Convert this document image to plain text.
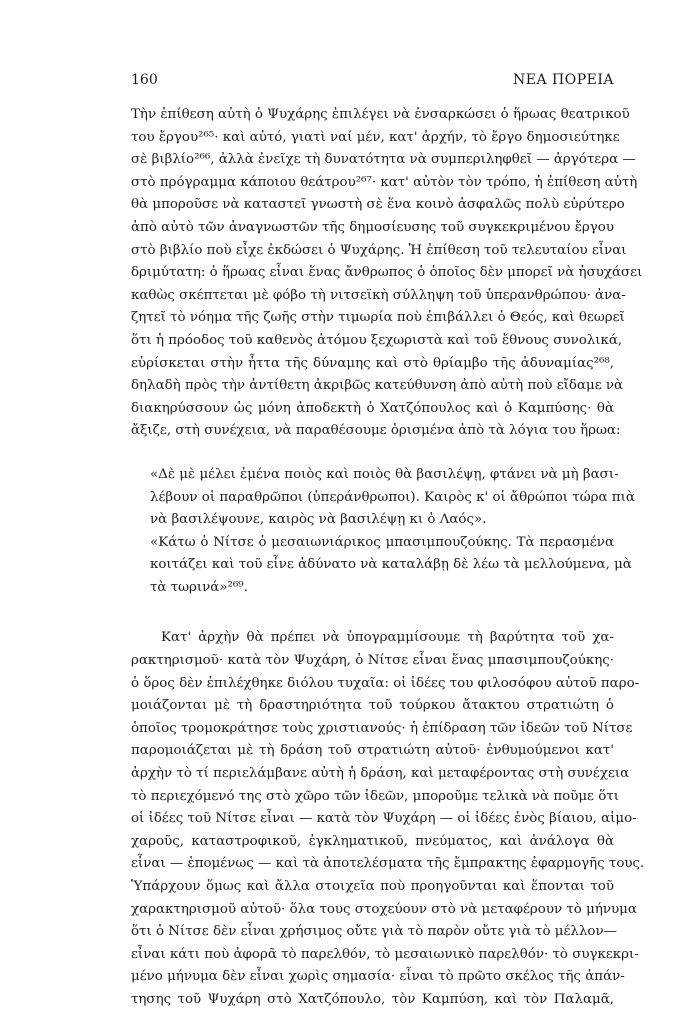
160	ΝΕΑ ΠΟΡΕΙΑ
Τὴν ἐπίθεση αὐτὴ ὁ Ψυχάρης ἐπιλέγει νὰ ἐνσαρκώσει ὁ ἥρωας θεατρικοῦ
του ἔργου²⁶⁵· καὶ αὐτό, γιατὶ ναί μέν, κατ' ἀρχήν, τὸ ἔργο δημοσιεύτηκε
σὲ βιβλίο²⁶⁶, ἀλλὰ ἐνεῖχε τὴ δυνατότητα νὰ συμπεριληφθεῖ — ἀργότερα —
στὸ πρόγραμμα κάποιου θεάτρου²⁶⁷· κατ' αὐτὸν τὸν τρόπο, ἡ ἐπίθεση αὐτὴ
θὰ μποροῦσε νὰ καταστεῖ γνωστὴ σὲ ἕνα κοινὸ ἀσφαλῶς πολὺ εὐρύτερο
ἀπὸ αὐτὸ τῶν ἀναγνωστῶν τῆς δημοσίευσης τοῦ συγκεκριμένου ἔργου
στὸ βιβλίο ποὺ εἶχε ἐκδώσει ὁ Ψυχάρης. Ἡ ἐπίθεση τοῦ τελευταίου εἶναι
δριμύτατη: ὁ ἥρωας εἶναι ἕνας ἄνθρωπος ὁ ὁποῖος δὲν μπορεῖ νὰ ἡσυχάσει
καθὼς σκέπτεται μὲ φόβο τὴ νιτσεϊκὴ σύλληψη τοῦ ὑπερανθρώπου· ἀνα-
ζητεῖ τὸ νόημα τῆς ζωῆς στὴν τιμωρία ποὺ ἐπιβάλλει ὁ Θεός, καὶ θεωρεῖ
ὅτι ἡ πρόοδος τοῦ καθενὸς ἀτόμου ξεχωριστὰ καὶ τοῦ ἔθνους συνολικά,
εὑρίσκεται στὴν ἧττα τῆς δύναμης καὶ στὸ θρίαμβο τῆς ἀδυναμίας²⁶⁸,
δηλαδὴ πρὸς τὴν ἀντίθετη ἀκριβῶς κατεύθυνση ἀπὸ αὐτὴ ποὺ εἴδαμε νὰ
διακηρύσσουν ὡς μόνη ἀποδεκτὴ ὁ Χατζόπουλος καὶ ὁ Καμπύσης· θὰ
ἄξιζε, στὴ συνέχεια, νὰ παραθέσουμε ὁρισμένα ἀπὸ τὰ λόγια του ἥρωα:
«Δὲ μὲ μέλει ἐμένα ποιὸς καὶ ποιὸς θὰ βασιλέψῃ, φτάνει νὰ μὴ βασι-
λέβουν οἱ παραθρῶποι (ὑπεράνθρωποι). Καιρὸς κ' οἱ ἄθρώποι τώρα πιὰ
νὰ βασιλέψουνε, καιρὸς νὰ βασιλέψῃ κι ὁ Λαός».
«Κάτω ὁ Νίτσε ὁ μεσαιωνιάρικος μπασιμπουζούκης. Τὰ περασμένα
κοιτάζει καὶ τοῦ εἶνε ἀδύνατο νὰ καταλάβῃ δὲ λέω τὰ μελλούμενα, μὰ
τὰ τωρινά»²⁶⁹.
Κατ' ἀρχὴν θὰ πρέπει νὰ ὑπογραμμίσουμε τὴ βαρύτητα τοῦ χα-
ρακτηρισμοῦ· κατὰ τὸν Ψυχάρη, ὁ Νίτσε εἶναι ἕνας μπασιμπουζούκης·
ὁ ὅρος δὲν ἐπιλέχθηκε διόλου τυχαῖα: οἱ ἰδέες του φιλοσόφου αὐτοῦ παρο-
μοιάζονται μὲ τὴ δραστηριότητα τοῦ τούρκου ἄτακτου στρατιώτη ὁ
ὁποῖος τρομοκράτησε τοὺς χριστιανούς· ἡ ἐπίδραση τῶν ἰδεῶν τοῦ Νίτσε
παρομοιάζεται μὲ τὴ δράση τοῦ στρατιώτη αὐτοῦ· ἐνθυμούμενοι κατ'
ἀρχὴν τὸ τί περιελάμβανε αὐτὴ ἡ δράση, καὶ μεταφέροντας στὴ συνέχεια
τὸ περιεχόμενό της στὸ χῶρο τῶν ἰδεῶν, μποροῦμε τελικὰ νὰ ποῦμε ὅτι
οἱ ἰδέες τοῦ Νίτσε εἶναι — κατὰ τὸν Ψυχάρη — οἱ ἰδέες ἑνὸς βίαιου, αἱμο-
χαροῦς, καταστροφικοῦ, ἐγκληματικοῦ, πνεύματος, καὶ ἀνάλογα θὰ
εἶναι — ἑπομένως — καὶ τὰ ἀποτελέσματα τῆς ἔμπρακτης ἐφαρμογῆς τους.
Ὑπάρχουν ὅμως καὶ ἄλλα στοιχεῖα ποὺ προηγοῦνται καὶ ἕπονται τοῦ
χαρακτηρισμοῦ αὐτοῦ· ὅλα τους στοχεύουν στὸ νὰ μεταφέρουν τὸ μήνυμα
ὅτι ὁ Νίτσε δὲν εἶναι χρήσιμος οὔτε γιὰ τὸ παρὸν οὔτε γιὰ τὸ μέλλον—
εἶναι κάτι ποὺ ἀφορᾶ τὸ παρελθόν, τὸ μεσαιωνικὸ παρελθόν· τὸ συγκεκρι-
μένο μήνυμα δὲν εἶναι χωρὶς σημασία· εἶναι τὸ πρῶτο σκέλος τῆς ἀπάν-
τησης τοῦ Ψυχάρη στὸ Χατζόπουλο, τὸν Καμπύση, καὶ τὸν Παλαμᾶ,
